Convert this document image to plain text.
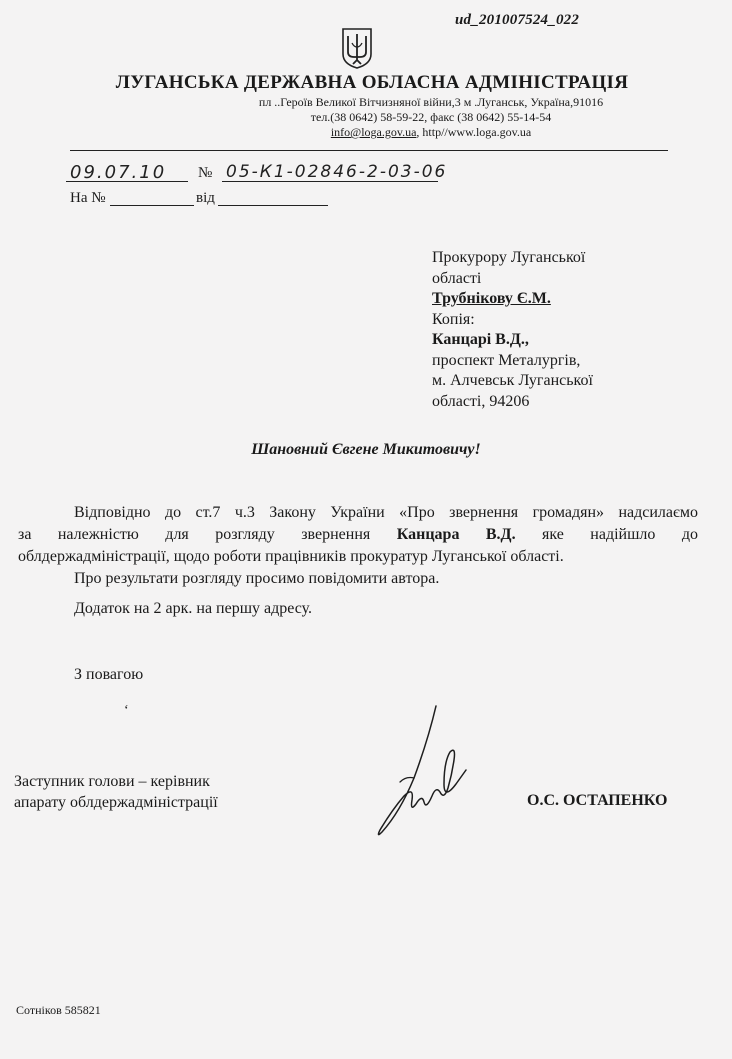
ud_201007524_022
ЛУГАНСЬКА ДЕРЖАВНА ОБЛАСНА АДМІНІСТРАЦІЯ
пл ..Героїв Великої Вітчизняної війни,3 м .Луганськ, Україна,91016
тел.(38 0642) 58-59-22, факс (38 0642) 55-14-54
info@loga.gov.ua, http//www.loga.gov.ua
09.07.10 № 05-К1-02846-2-03-06
На №	від
Прокурору Луганської
області
Трубнікову Є.М.
Копія:
Канцарі В.Д.,
проспект Металургів,
м. Алчевськ Луганської
області, 94206
Шановний Євгене Микитовичу!

Відповідно до ст.7 ч.3 Закону України «Про звернення громадян» надсилаємо

за належністю для розгляду звернення Канцара В.Д. яке надійшло до

облдержадміністрації, щодо роботи працівників прокуратур Луганської області.

Про результати розгляду просимо повідомити автора.

Додаток на 2 арк. на першу адресу.
З повагою
ʻ
Заступник голови – керівник
апарату облдержадміністрації	О.С. ОСТАПЕНКО
Сотніков 585821
